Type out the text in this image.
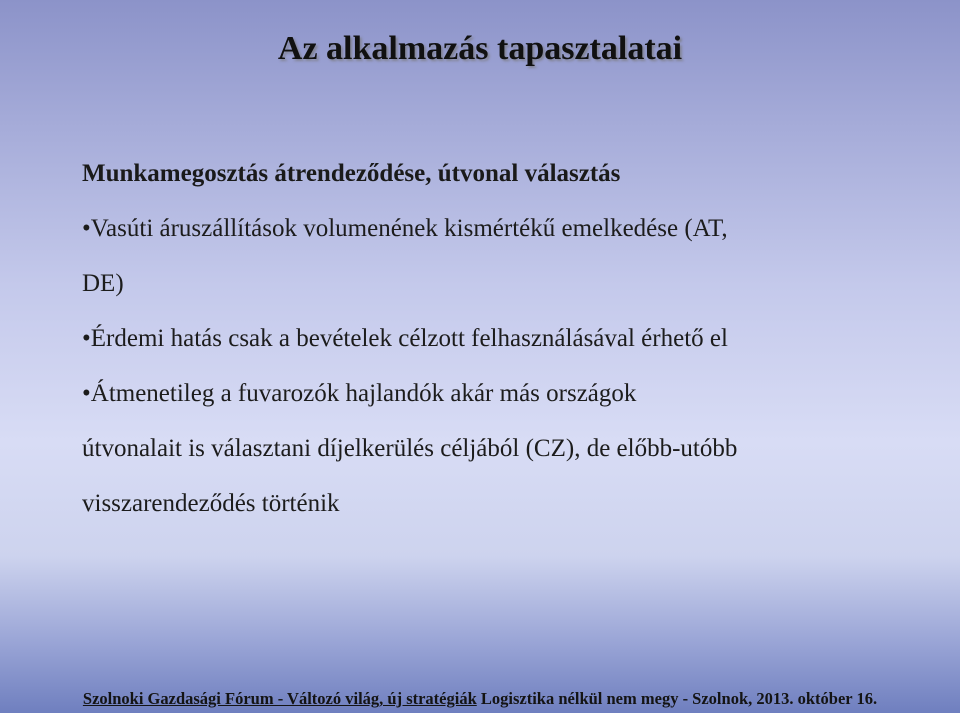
Az alkalmazás tapasztalatai

Munkamegosztás átrendeződése, útvonal választás

•Vasúti áruszállítások volumenének kismértékű emelkedése (AT,
DE)

•Érdemi hatás csak a bevételek célzott felhasználásával érhető el

•Átmenetileg a fuvarozók hajlandók akár más országok
útvonalait is választani díjelkerülés céljából (CZ), de előbb-utóbb
visszarendeződés történik

Szolnoki Gazdasági Fórum - Változó világ, új stratégiák Logisztika nélkül nem megy - Szolnok, 2013. október 16.
